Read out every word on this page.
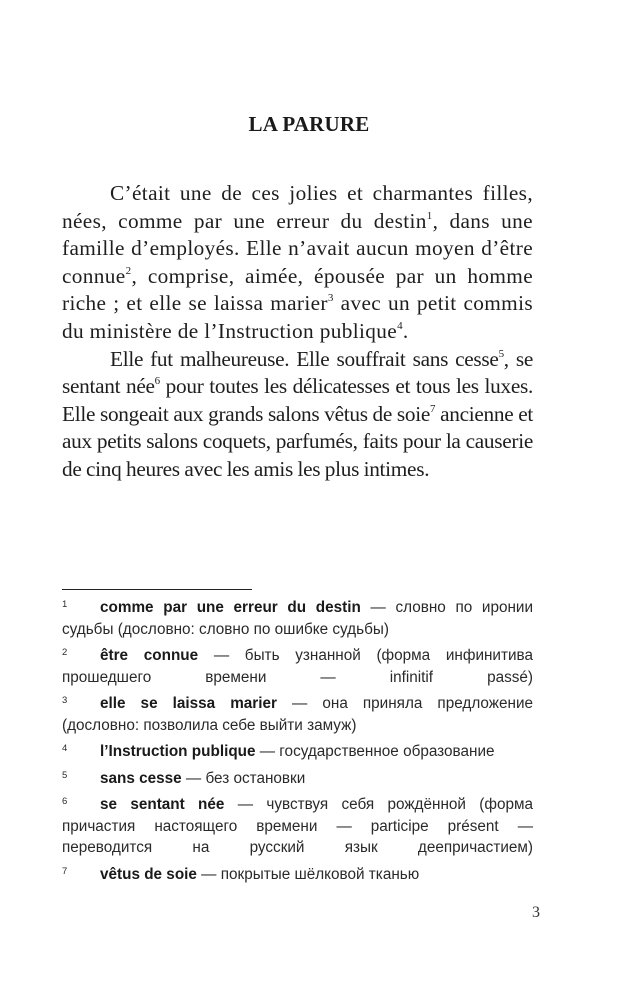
LA PARURE

C’était une de ces jolies et charmantes filles, nées, comme par une erreur du destin$^1$, dans une famille d’employés. Elle n’avait aucun moyen d’être connue$^2$, comprise, aimée, épousée par un homme riche ; et elle se laissa marier$^3$ avec un petit commis du ministère de l’Instruction publique$^4$.

Elle fut malheureuse. Elle souffrait sans cesse$^5$, se sentant née$^6$ pour toutes les délicatesses et tous les luxes. Elle songeait aux grands salons vêtus de soie$^7$ ancienne et aux petits salons coquets, parfumés, faits pour la causerie de cinq heures avec les amis les plus intimes.

1 comme par une erreur du destin — словно по иронии судьбы (дословно: словно по ошибке судьбы)
2 être connue — быть узнанной (форма инфинитива прошедшего времени — infinitif passé)
3 elle se laissa marier — она приняла предложение (дословно: позволила себе выйти замуж)
4 l’Instruction publique — государственное образование
5 sans cesse — без остановки
6 se sentant née — чувствуя себя рождённой (форма причастия настоящего времени — participe présent — переводится на русский язык деепричастием)
7 vêtus de soie — покрытые шёлковой тканью
3
